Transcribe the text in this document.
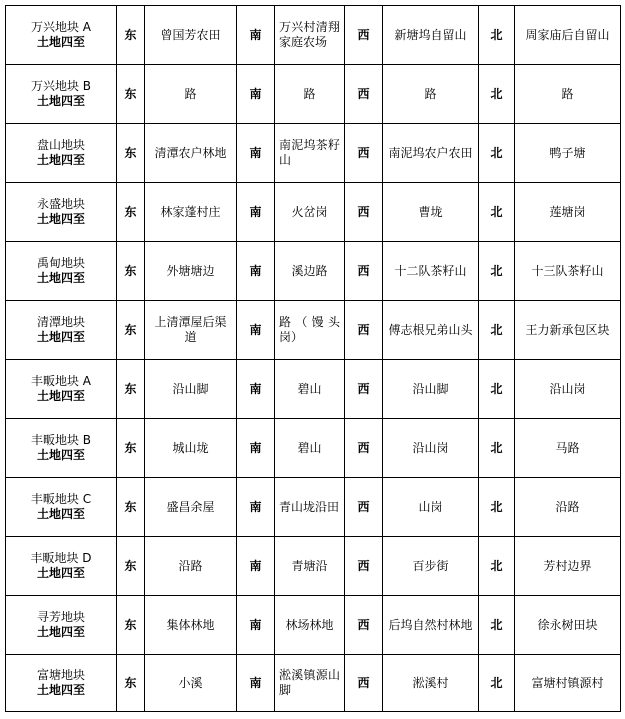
万兴地块 A
土地四至	东	曾国芳农田	南	万兴村清翔家庭农场	西	新塘坞自留山	北	周家庙后自留山

万兴地块 B
土地四至	东	路	南	路	西	路	北	路

盘山地块
土地四至	东	清潭农户林地	南	南泥坞茶籽山	西	南泥坞农户农田	北	鸭子塘

永盛地块
土地四至	东	林家蓬村庄	南	火岔岗	西	曹垅	北	莲塘岗

禹甸地块
土地四至	东	外塘塘边	南	溪边路	西	十二队茶籽山	北	十三队茶籽山

清潭地块
土地四至	东	上清潭屋后渠道	南	路（馒头岗）	西	傅志根兄弟山头	北	王力新承包区块

丰畈地块 A
土地四至	东	沿山脚	南	碧山	西	沿山脚	北	沿山岗

丰畈地块 B
土地四至	东	城山垅	南	碧山	西	沿山岗	北	马路

丰畈地块 C
土地四至	东	盛昌余屋	南	青山垅沿田	西	山岗	北	沿路

丰畈地块 D
土地四至	东	沿路	南	青塘沿	西	百步街	北	芳村边界

寻芳地块
土地四至	东	集体林地	南	林场林地	西	后坞自然村林地	北	徐永树田块

富塘地块
土地四至	东	小溪	南	淞溪镇源山脚	西	淞溪村	北	富塘村镇源村
